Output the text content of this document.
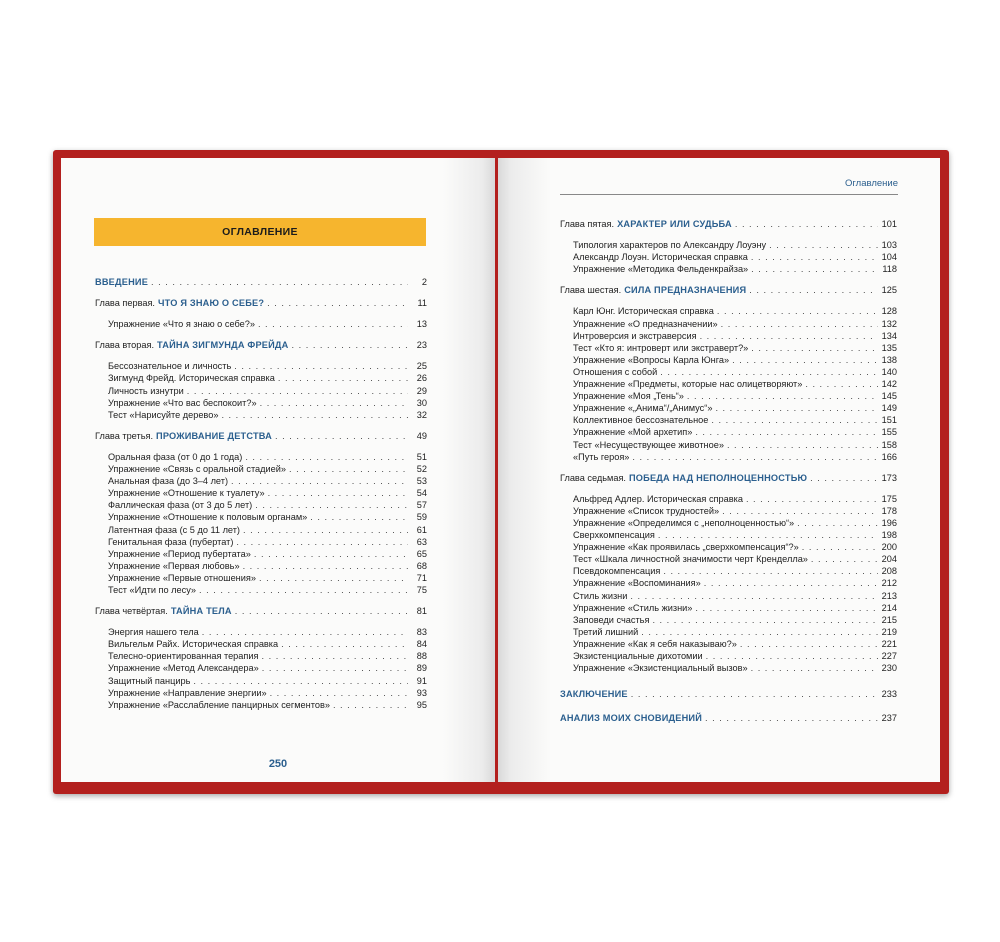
ОГЛАВЛЕНИЕ
ВВЕДЕНИЕ . . .	2
Глава первая. ЧТО Я ЗНАЮ О СЕБЕ? . . .	11
Упражнение «Что я знаю о себе?» . . .	13
Глава вторая. ТАЙНА ЗИГМУНДА ФРЕЙДА . . .	23
Бессознательное и личность . . .	25
Зигмунд Фрейд. Историческая справка . . .	26
Личность изнутри . . .	29
Упражнение «Что вас беспокоит?» . . .	30
Тест «Нарисуйте дерево» . . .	32
Глава третья. ПРОЖИВАНИЕ ДЕТСТВА . . .	49
Оральная фаза (от 0 до 1 года) . . .	51
Упражнение «Связь с оральной стадией» . . .	52
Анальная фаза (до 3–4 лет) . . .	53
Упражнение «Отношение к туалету» . . .	54
Фаллическая фаза (от 3 до 5 лет) . . .	57
Упражнение «Отношение к половым органам» . . .	59
Латентная фаза (с 5 до 11 лет) . . .	61
Генитальная фаза (пубертат) . . .	63
Упражнение «Период пубертата» . . .	65
Упражнение «Первая любовь» . . .	68
Упражнение «Первые отношения» . . .	71
Тест «Идти по лесу» . . .	75
Глава четвёртая. ТАЙНА ТЕЛА . . .	81
Энергия нашего тела . . .	83
Вильгельм Райх. Историческая справка . . .	84
Телесно-ориентированная терапия . . .	88
Упражнение «Метод Александера» . . .	89
Защитный панцирь . . .	91
Упражнение «Направление энергии» . . .	93
Упражнение «Расслабление панцирных сегментов» . . .	95
250
Оглавление
Глава пятая. ХАРАКТЕР ИЛИ СУДЬБА . . .	101
Типология характеров по Александру Лоуэну . . .	103
Александр Лоуэн. Историческая справка . . .	104
Упражнение «Методика Фельденкрайза» . . .	118
Глава шестая. СИЛА ПРЕДНАЗНАЧЕНИЯ . . .	125
Карл Юнг. Историческая справка . . .	128
Упражнение «О предназначении» . . .	132
Интроверсия и экстраверсия . . .	134
Тест «Кто я: интроверт или экстраверт?» . . .	135
Упражнение «Вопросы Карла Юнга» . . .	138
Отношения с собой . . .	140
Упражнение «Предметы, которые нас олицетворяют» . . .	142
Упражнение «Моя „Тень“» . . .	145
Упражнение «„Анима“/„Анимус“» . . .	149
Коллективное бессознательное . . .	151
Упражнение «Мой архетип» . . .	155
Тест «Несуществующее животное» . . .	158
«Путь героя» . . .	166
Глава седьмая. ПОБЕДА НАД НЕПОЛНОЦЕННОСТЬЮ . . .	173
Альфред Адлер. Историческая справка . . .	175
Упражнение «Список трудностей» . . .	178
Упражнение «Определимся с „неполноценностью“» . . .	196
Сверхкомпенсация . . .	198
Упражнение «Как проявилась „сверхкомпенсация“?» . . .	200
Тест «Шкала личностной значимости черт Кренделла» . . .	204
Псевдокомпенсация . . .	208
Упражнение «Воспоминания» . . .	212
Стиль жизни . . .	213
Упражнение «Стиль жизни» . . .	214
Заповеди счастья . . .	215
Третий лишний . . .	219
Упражнение «Как я себя наказываю?» . . .	221
Экзистенциальные дихотомии . . .	227
Упражнение «Экзистенциальный вызов» . . .	230
ЗАКЛЮЧЕНИЕ . . .	233
АНАЛИЗ МОИХ СНОВИДЕНИЙ . . .	237
